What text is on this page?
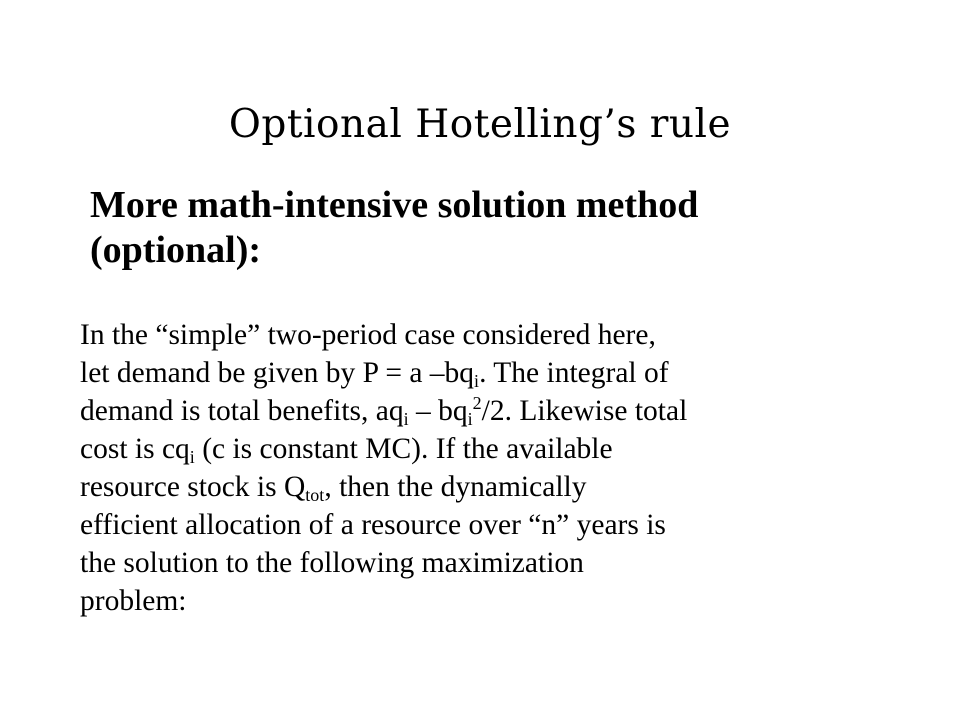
Optional Hotelling’s rule
More math-intensive solution method
(optional):
In the “simple” two-period case considered here,
let demand be given by P = a $-bq_i$. The integral of
demand is total benefits, $aq_i - bq_i^2/2$. Likewise total
cost is $cq_i$ (c is constant MC). If the available
resource stock is $Q_{tot}$, then the dynamically
efficient allocation of a resource over “n” years is
the solution to the following maximization
problem:
